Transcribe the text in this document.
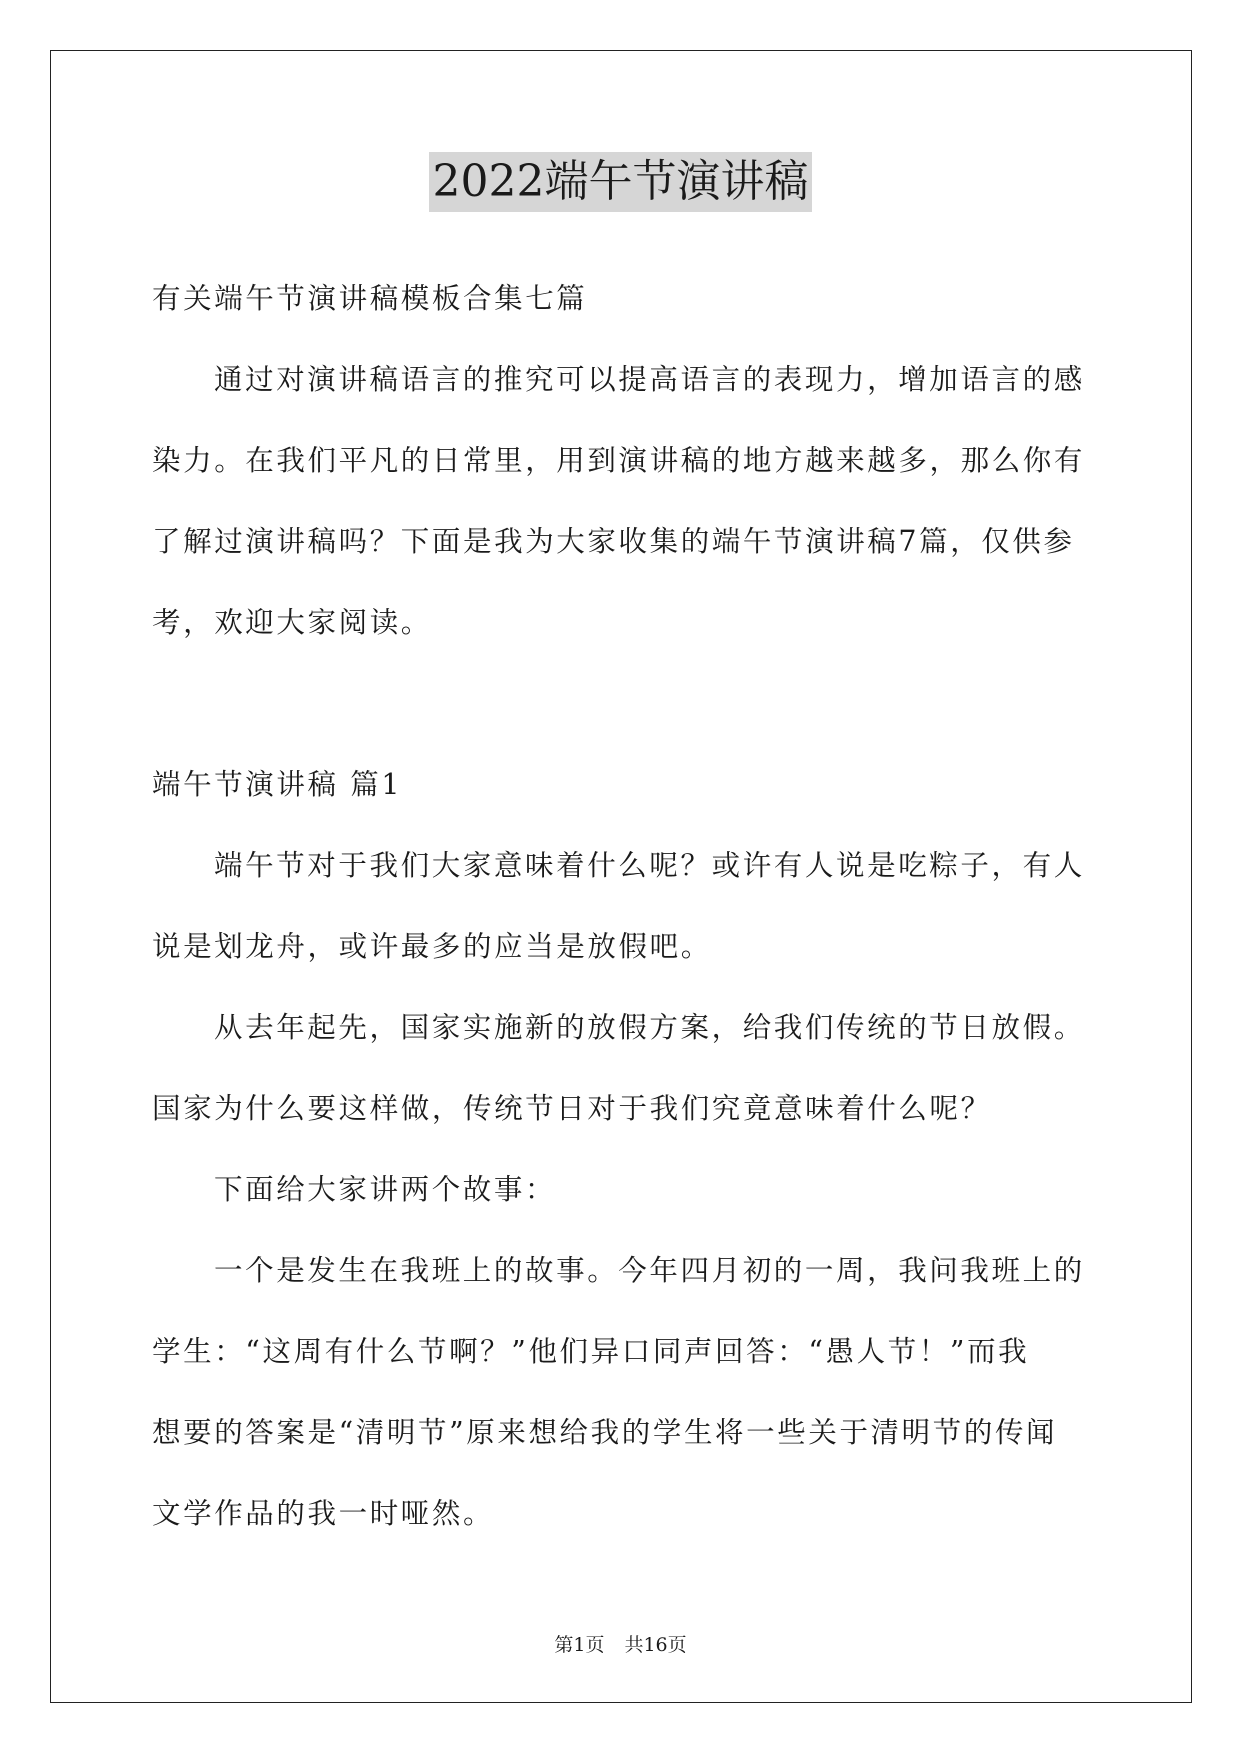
2022端午节演讲稿

有关端午节演讲稿模板合集七篇

通过对演讲稿语言的推究可以提高语言的表现力，增加语言的感

染力。在我们平凡的日常里，用到演讲稿的地方越来越多，那么你有

了解过演讲稿吗？下面是我为大家收集的端午节演讲稿7篇，仅供参

考，欢迎大家阅读。

端午节演讲稿 篇1

端午节对于我们大家意味着什么呢？或许有人说是吃粽子，有人

说是划龙舟，或许最多的应当是放假吧。

从去年起先，国家实施新的放假方案，给我们传统的节日放假。

国家为什么要这样做，传统节日对于我们究竟意味着什么呢？

下面给大家讲两个故事：

一个是发生在我班上的故事。今年四月初的一周，我问我班上的

学生：“这周有什么节啊？”他们异口同声回答：“愚人节！”而我

想要的答案是“清明节”原来想给我的学生将一些关于清明节的传闻

文学作品的我一时哑然。

第1页 共16页
